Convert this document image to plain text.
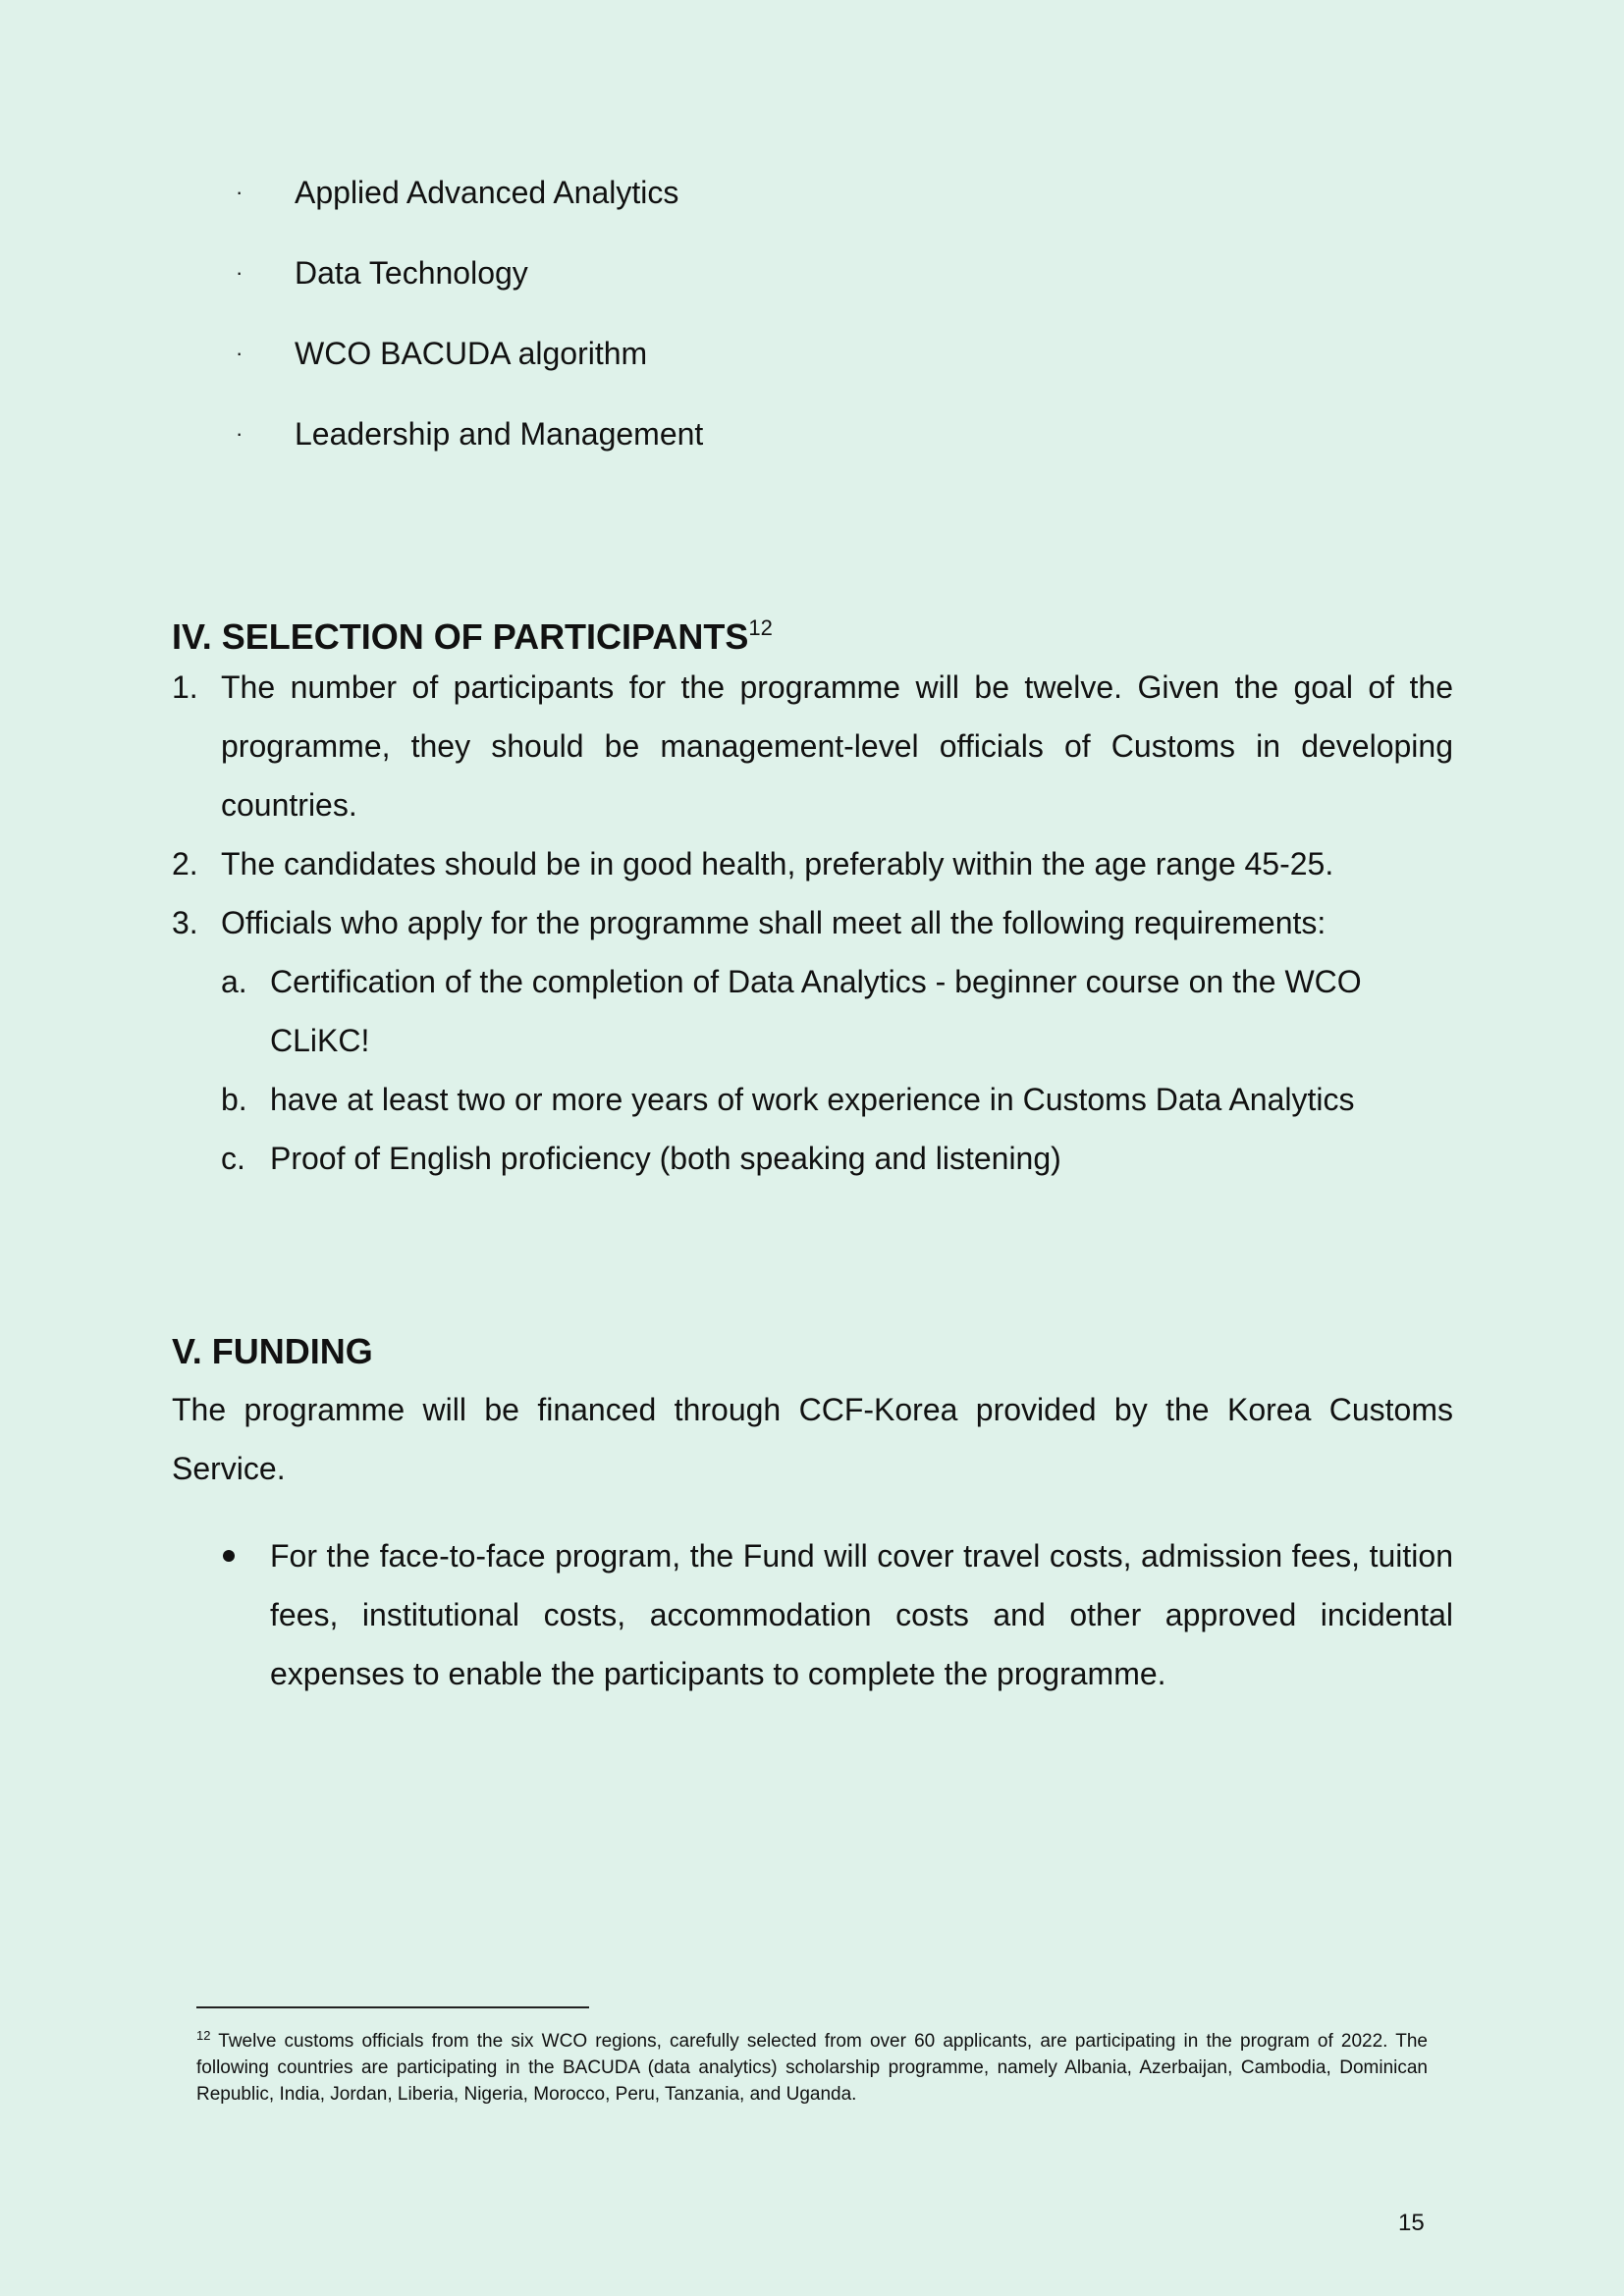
· Applied Advanced Analytics
· Data Technology
· WCO BACUDA algorithm
· Leadership and Management
IV. SELECTION OF PARTICIPANTS$^{12}$
1. The number of participants for the programme will be twelve. Given the goal of the programme, they should be management-level officials of Customs in developing countries.
2. The candidates should be in good health, preferably within the age range 45-25.
3. Officials who apply for the programme shall meet all the following requirements:
a. Certification of the completion of Data Analytics - beginner course on the WCO CLiKC!
b. have at least two or more years of work experience in Customs Data Analytics
c. Proof of English proficiency (both speaking and listening)
V. FUNDING

The programme will be financed through CCF-Korea provided by the Korea Customs Service.

For the face-to-face program, the Fund will cover travel costs, admission fees, tuition fees, institutional costs, accommodation costs and other approved incidental expenses to enable the participants to complete the programme.
$^{12}$ Twelve customs officials from the six WCO regions, carefully selected from over 60 applicants, are participating in the program of 2022. The following countries are participating in the BACUDA (data analytics) scholarship programme, namely Albania, Azerbaijan, Cambodia, Dominican Republic, India, Jordan, Liberia, Nigeria, Morocco, Peru, Tanzania, and Uganda.
15
